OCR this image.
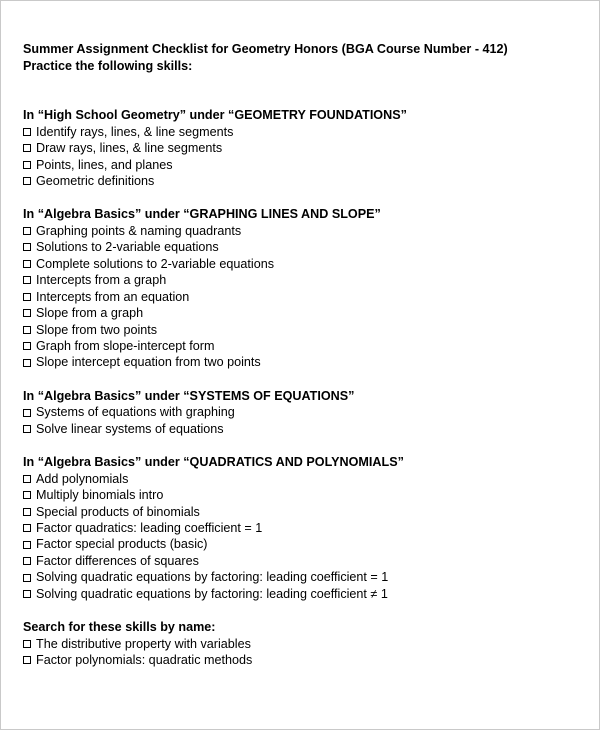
Summer Assignment Checklist for Geometry Honors (BGA Course Number - 412)
Practice the following skills:
In “High School Geometry” under “GEOMETRY FOUNDATIONS”
Identify rays, lines, & line segments
Draw rays, lines, & line segments
Points, lines, and planes
Geometric definitions
In “Algebra Basics” under “GRAPHING LINES AND SLOPE”
Graphing points & naming quadrants
Solutions to 2-variable equations
Complete solutions to 2-variable equations
Intercepts from a graph
Intercepts from an equation
Slope from a graph
Slope from two points
Graph from slope-intercept form
Slope intercept equation from two points
In “Algebra Basics” under “SYSTEMS OF EQUATIONS”
Systems of equations with graphing
Solve linear systems of equations
In “Algebra Basics” under “QUADRATICS AND POLYNOMIALS”
Add polynomials
Multiply binomials intro
Special products of binomials
Factor quadratics: leading coefficient = 1
Factor special products (basic)
Factor differences of squares
Solving quadratic equations by factoring: leading coefficient = 1
Solving quadratic equations by factoring: leading coefficient ≠ 1
Search for these skills by name:
The distributive property with variables
Factor polynomials: quadratic methods
